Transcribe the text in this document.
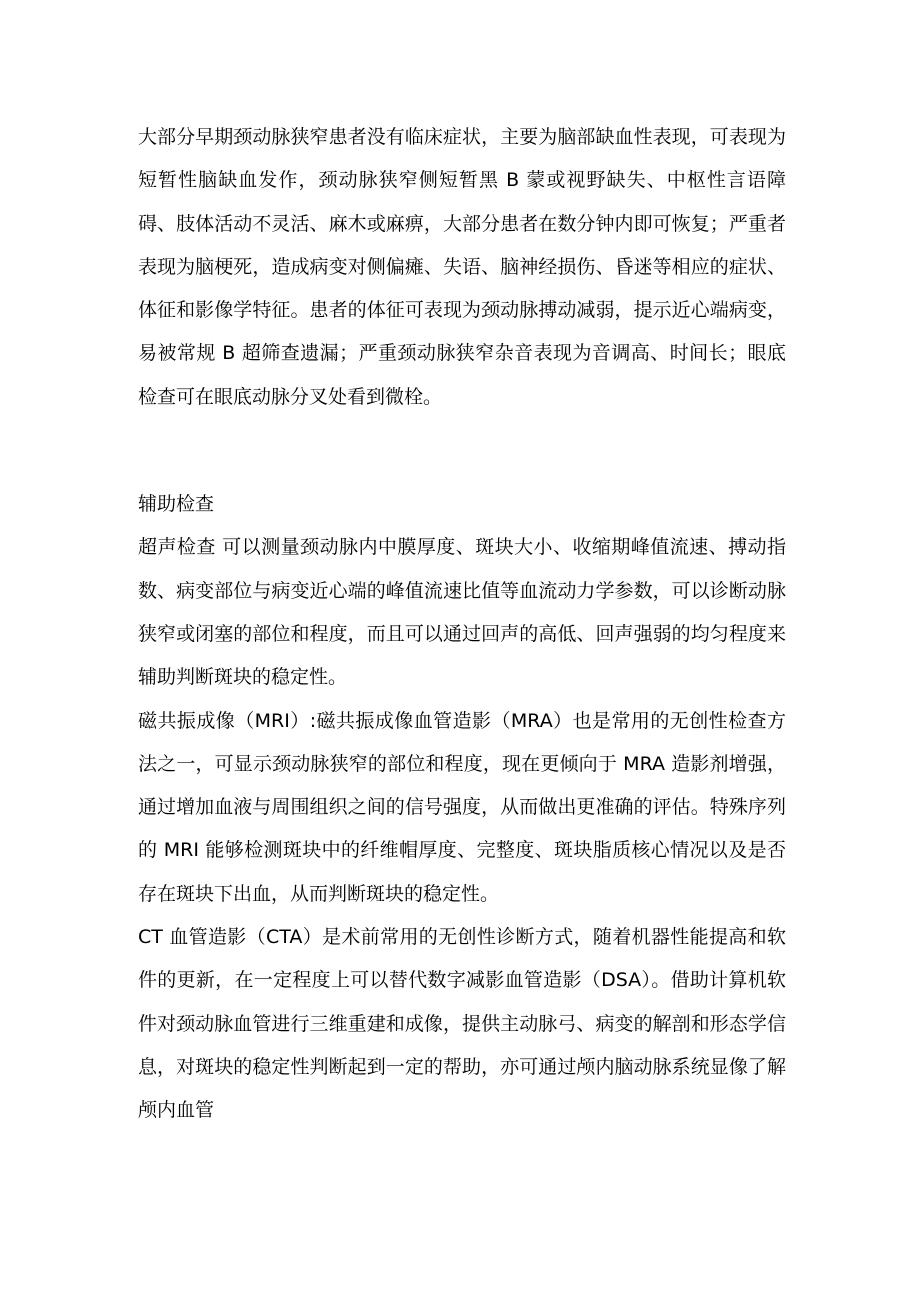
大部分早期颈动脉狭窄患者没有临床症状，主要为脑部缺血性表现，可表现为短暂性脑缺血发作，颈动脉狭窄侧短暂黑 B 蒙或视野缺失、中枢性言语障碍、肢体活动不灵活、麻木或麻痹，大部分患者在数分钟内即可恢复；严重者表现为脑梗死，造成病变对侧偏瘫、失语、脑神经损伤、昏迷等相应的症状、体征和影像学特征。患者的体征可表现为颈动脉搏动减弱，提示近心端病变，易被常规 B 超筛查遗漏；严重颈动脉狭窄杂音表现为音调高、时间长；眼底检查可在眼底动脉分叉处看到微栓。

辅助检查

超声检查 可以测量颈动脉内中膜厚度、斑块大小、收缩期峰值流速、搏动指数、病变部位与病变近心端的峰值流速比值等血流动力学参数，可以诊断动脉狭窄或闭塞的部位和程度，而且可以通过回声的高低、回声强弱的均匀程度来辅助判断斑块的稳定性。

磁共振成像（MRI）:磁共振成像血管造影（MRA）也是常用的无创性检查方法之一，可显示颈动脉狭窄的部位和程度，现在更倾向于 MRA 造影剂增强，通过增加血液与周围组织之间的信号强度，从而做出更准确的评估。特殊序列的 MRI 能够检测斑块中的纤维帽厚度、完整度、斑块脂质核心情况以及是否存在斑块下出血，从而判断斑块的稳定性。

CT 血管造影（CTA）是术前常用的无创性诊断方式，随着机器性能提高和软件的更新，在一定程度上可以替代数字减影血管造影（DSA）。借助计算机软件对颈动脉血管进行三维重建和成像，提供主动脉弓、病变的解剖和形态学信息，对斑块的稳定性判断起到一定的帮助，亦可通过颅内脑动脉系统显像了解颅内血管
